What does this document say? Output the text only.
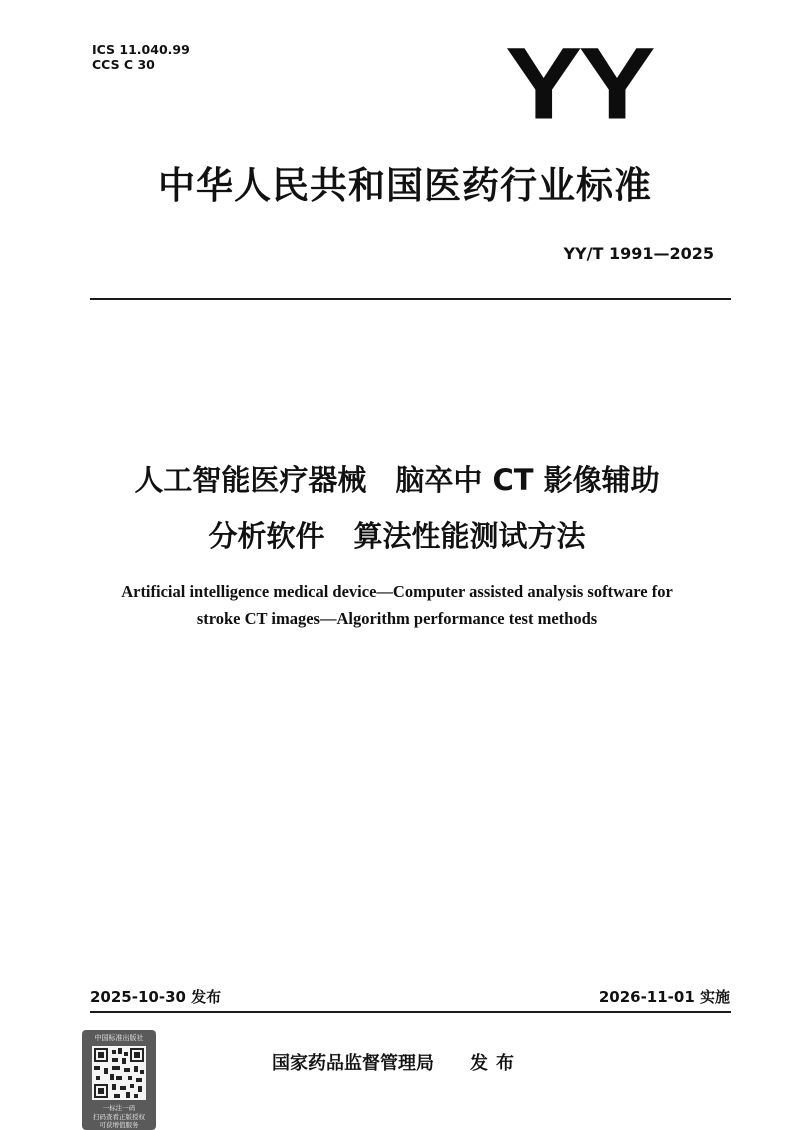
ICS 11.040.99
CCS C 30	YY
中华人民共和国医药行业标准
YY/T 1991—2025
人工智能医疗器械　脑卒中 CT 影像辅助
分析软件　算法性能测试方法
Artificial intelligence medical device—Computer assisted analysis software for
stroke CT images—Algorithm performance test methods
2025-10-30 发布	2026-11-01 实施
国家药品监督管理局 发布
中国标准出版社
一标注一码
扫码查看正版授权
可获增值服务
